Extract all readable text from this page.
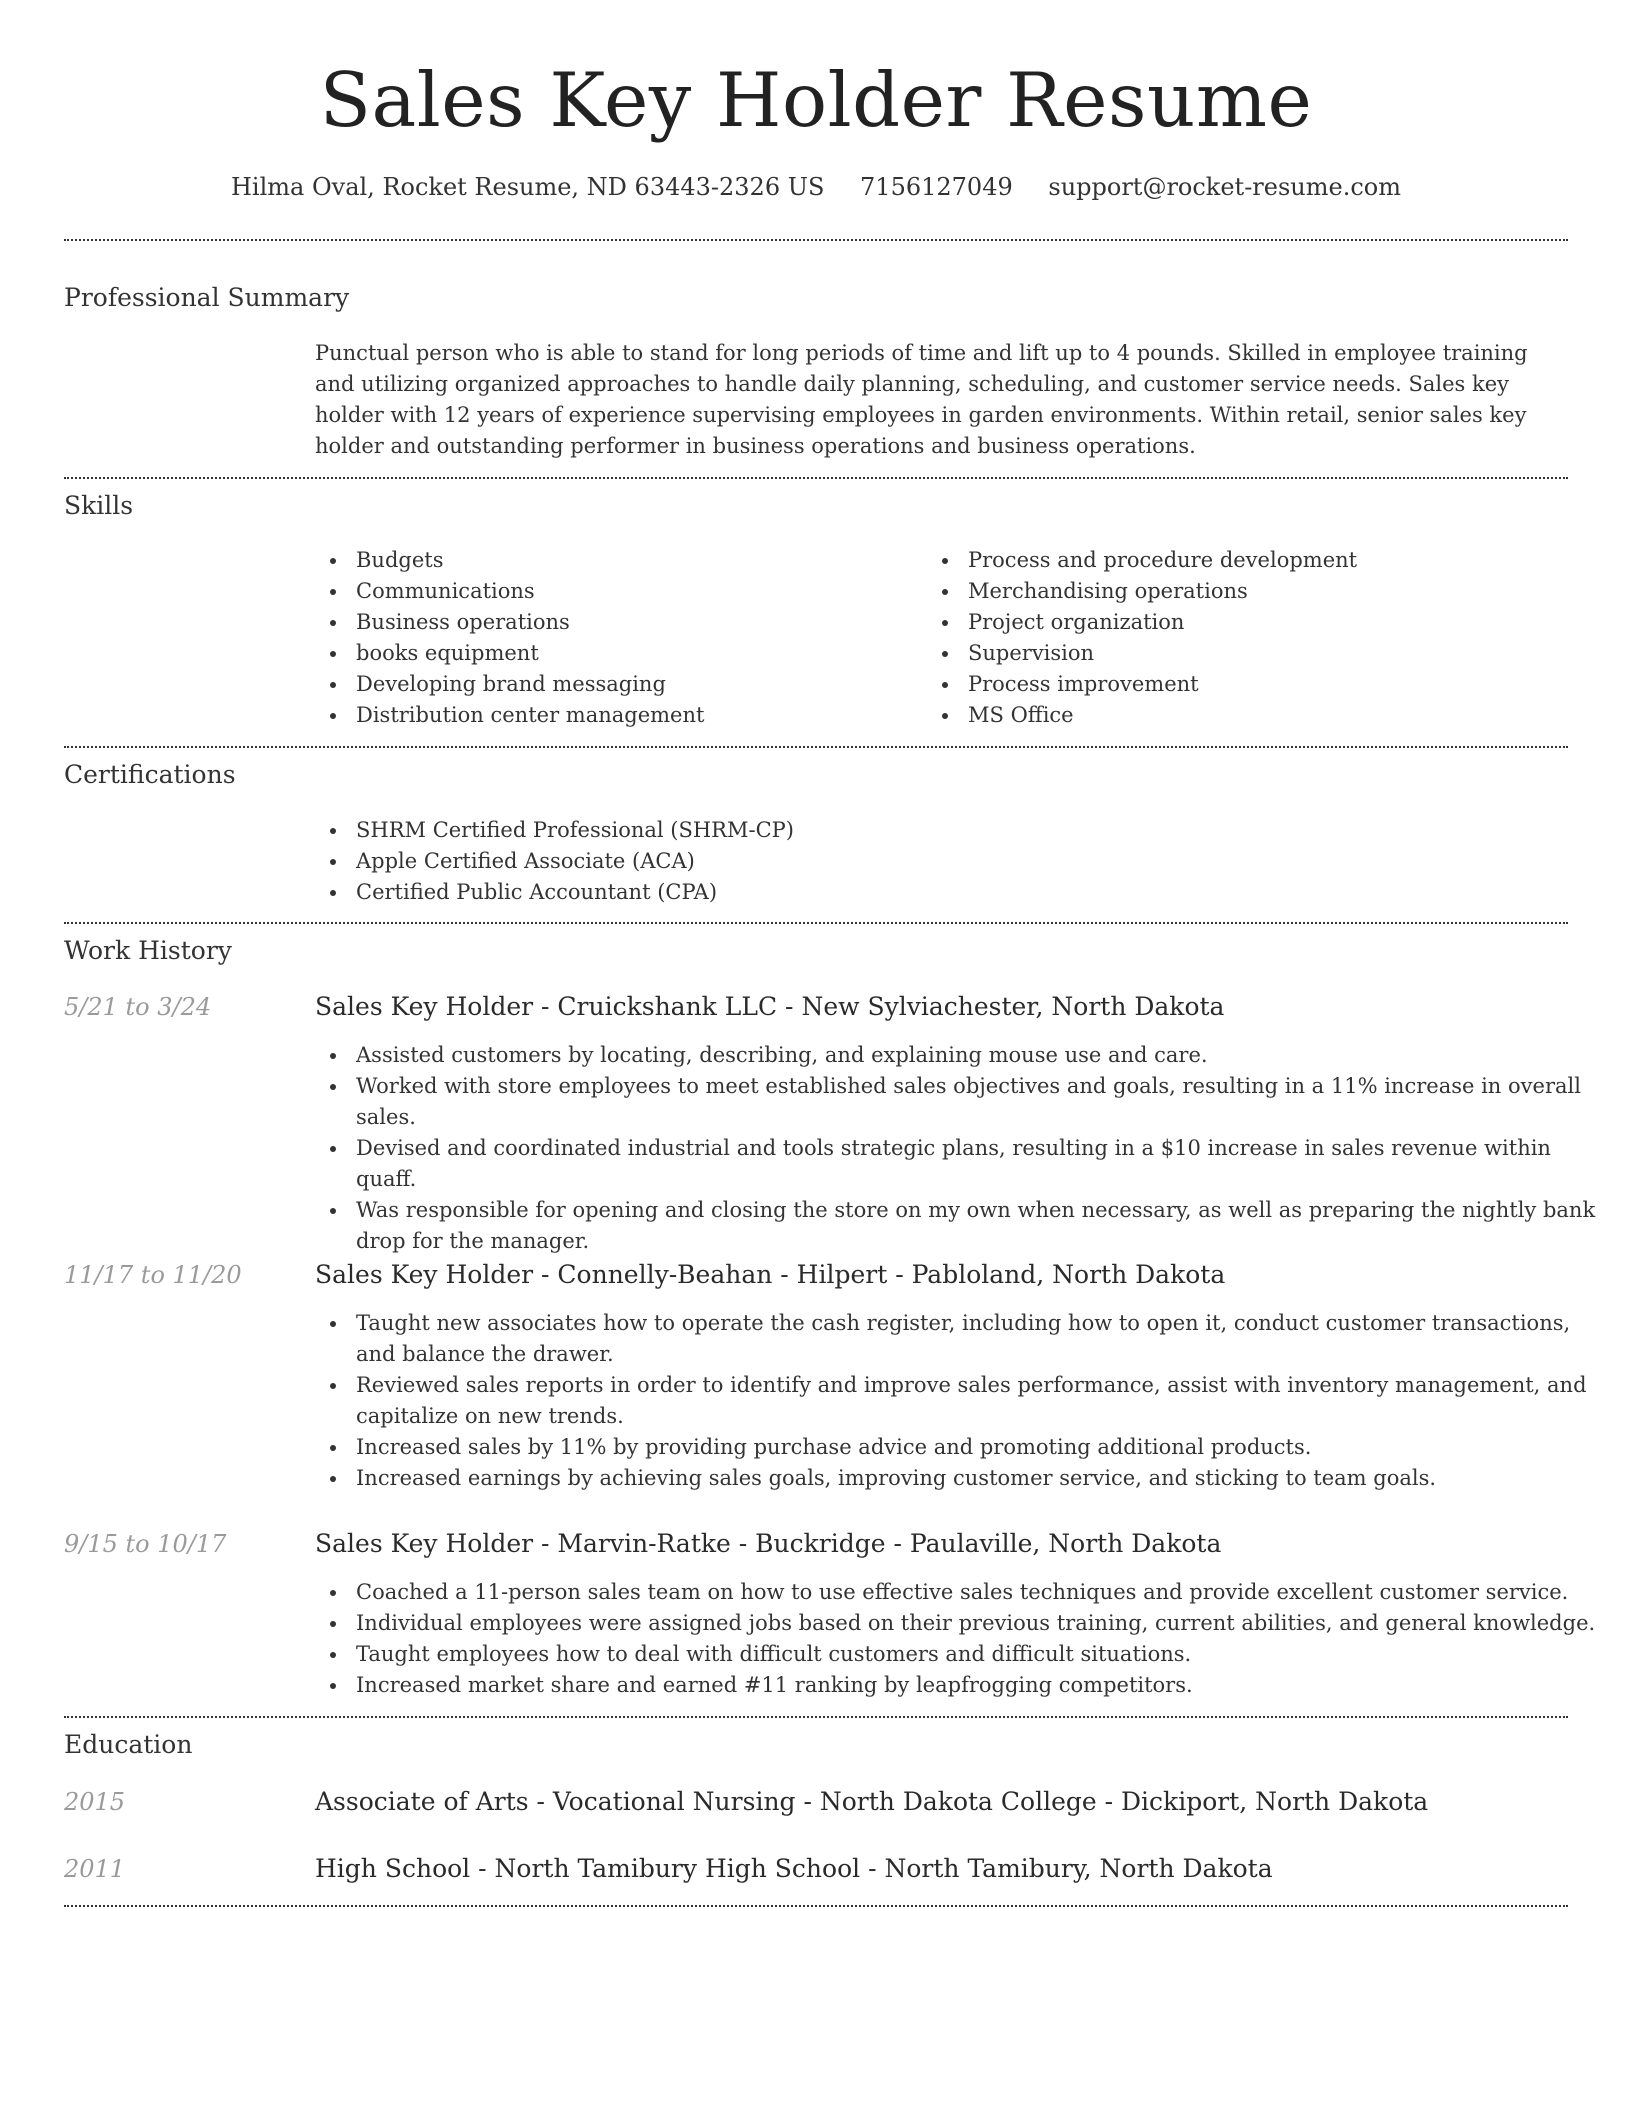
Sales Key Holder Resume
Hilma Oval, Rocket Resume, ND 63443-2326 US 7156127049 support@rocket-resume.com
Professional Summary
Punctual person who is able to stand for long periods of time and lift up to 4 pounds. Skilled in employee training and utilizing organized approaches to handle daily planning, scheduling, and customer service needs. Sales key holder with 12 years of experience supervising employees in garden environments. Within retail, senior sales key holder and outstanding performer in business operations and business operations.
Skills
Budgets
Communications
Business operations
books equipment
Developing brand messaging
Distribution center management
Process and procedure development
Merchandising operations
Project organization
Supervision
Process improvement
MS Office
Certifications
SHRM Certified Professional (SHRM-CP)
Apple Certified Associate (ACA)
Certified Public Accountant (CPA)
Work History
5/21 to 3/24	Sales Key Holder - Cruickshank LLC - New Sylviachester, North Dakota
Assisted customers by locating, describing, and explaining mouse use and care.
Worked with store employees to meet established sales objectives and goals, resulting in a 11% increase in overall sales.
Devised and coordinated industrial and tools strategic plans, resulting in a $10 increase in sales revenue within quaff.
Was responsible for opening and closing the store on my own when necessary, as well as preparing the nightly bank drop for the manager.
11/17 to 11/20	Sales Key Holder - Connelly-Beahan - Hilpert - Pabloland, North Dakota
Taught new associates how to operate the cash register, including how to open it, conduct customer transactions, and balance the drawer.
Reviewed sales reports in order to identify and improve sales performance, assist with inventory management, and capitalize on new trends.
Increased sales by 11% by providing purchase advice and promoting additional products.
Increased earnings by achieving sales goals, improving customer service, and sticking to team goals.
9/15 to 10/17	Sales Key Holder - Marvin-Ratke - Buckridge - Paulaville, North Dakota
Coached a 11-person sales team on how to use effective sales techniques and provide excellent customer service.
Individual employees were assigned jobs based on their previous training, current abilities, and general knowledge.
Taught employees how to deal with difficult customers and difficult situations.
Increased market share and earned #11 ranking by leapfrogging competitors.
Education
2015	Associate of Arts - Vocational Nursing - North Dakota College - Dickiport, North Dakota
2011	High School - North Tamibury High School - North Tamibury, North Dakota
